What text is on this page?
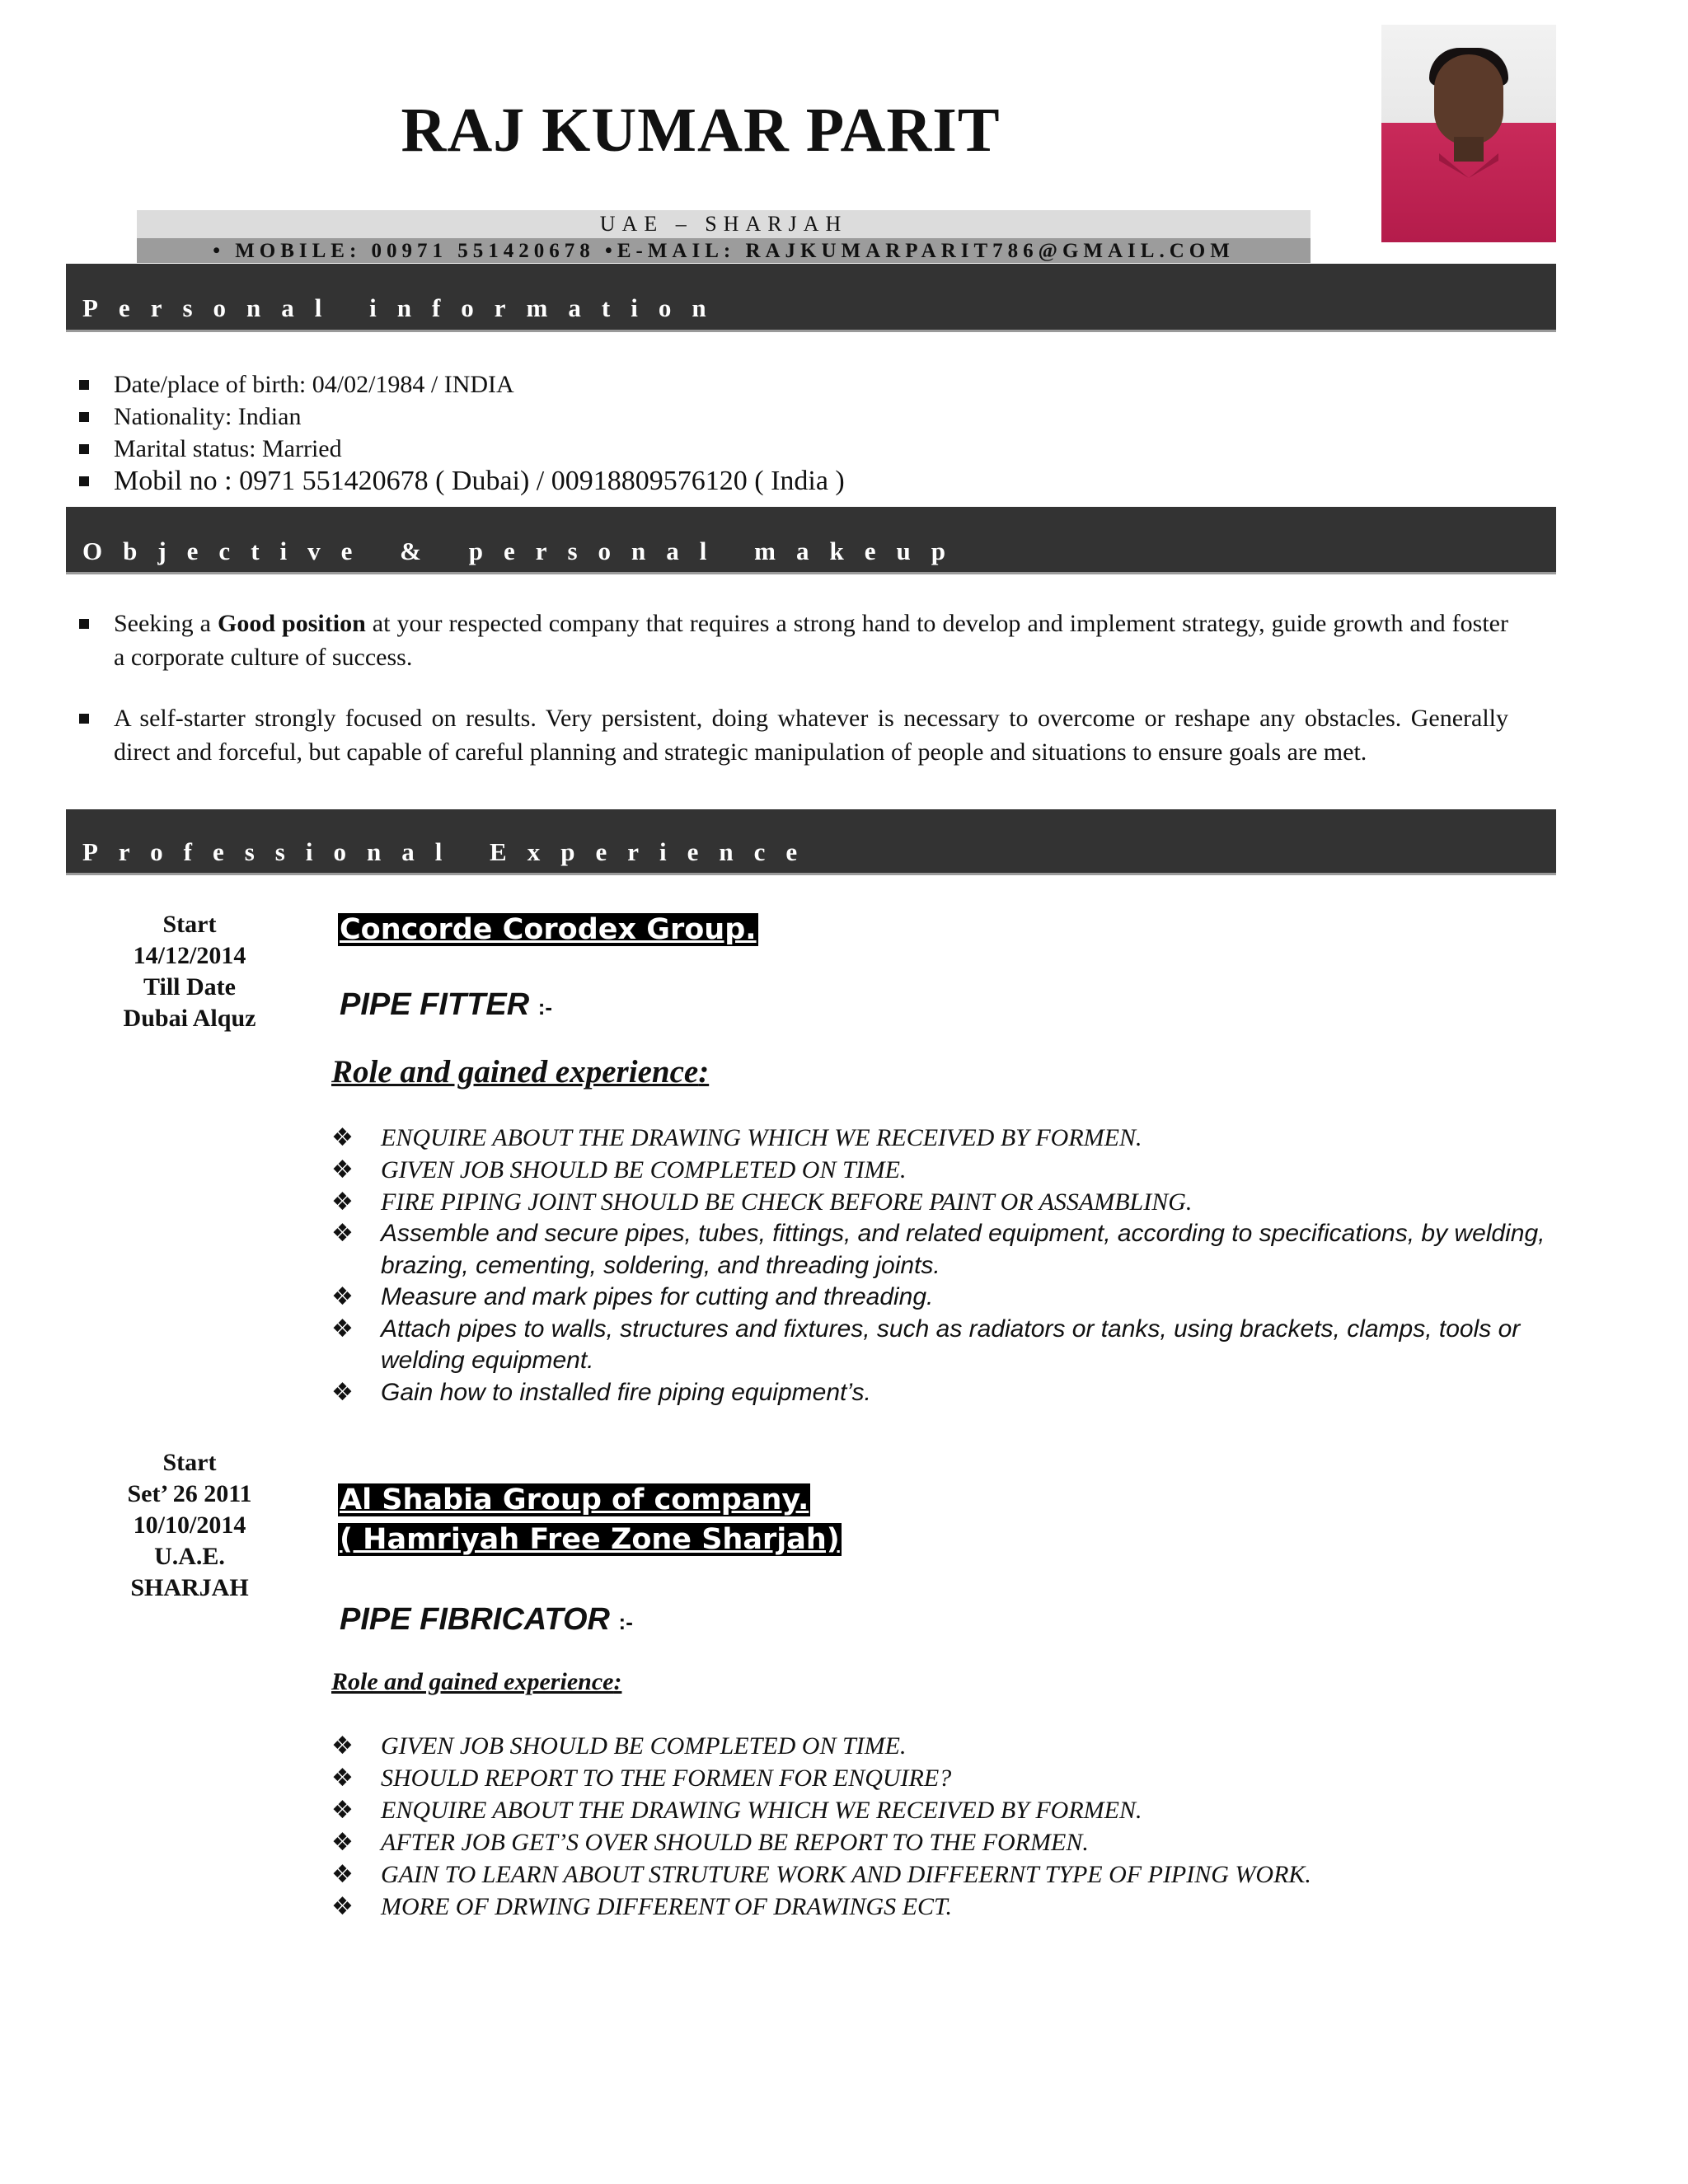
RAJ KUMAR PARIT
UAE – SHARJAH
• MOBILE: 00971 551420678 •E-MAIL: RAJKUMARPARIT786@GMAIL.COM
Personal information
Date/place of birth: 04/02/1984 / INDIA
Nationality: Indian
Marital status: Married
Mobil no : 0971 551420678 ( Dubai) / 00918809576120 ( India )
Objective & personal makeup
Seeking a Good position at your respected company that requires a strong hand to develop and implement strategy, guide growth and foster a corporate culture of success.
A self-starter strongly focused on results. Very persistent, doing whatever is necessary to overcome or reshape any obstacles. Generally direct and forceful, but capable of careful planning and strategic manipulation of people and situations to ensure goals are met.
Professional Experience
Start
14/12/2014
Till Date
Dubai Alquz
Concorde Corodex Group.
PIPE FITTER :-
Role and gained experience:
❖ ENQUIRE ABOUT THE DRAWING WHICH WE RECEIVED BY FORMEN.
❖ GIVEN JOB SHOULD BE COMPLETED ON TIME.
❖ FIRE PIPING JOINT SHOULD BE CHECK BEFORE PAINT OR ASSAMBLING.
❖ Assemble and secure pipes, tubes, fittings, and related equipment, according to specifications, by welding, brazing, cementing, soldering, and threading joints.
❖ Measure and mark pipes for cutting and threading.
❖ Attach pipes to walls, structures and fixtures, such as radiators or tanks, using brackets, clamps, tools or welding equipment.
❖ Gain how to installed fire piping equipment’s.
Start
Set’ 26 2011
10/10/2014
U.A.E. SHARJAH
Al Shabia Group of company.
( Hamriyah Free Zone Sharjah)
PIPE FIBRICATOR :-
Role and gained experience:
❖ GIVEN JOB SHOULD BE COMPLETED ON TIME.
❖ SHOULD REPORT TO THE FORMEN FOR ENQUIRE?
❖ ENQUIRE ABOUT THE DRAWING WHICH WE RECEIVED BY FORMEN.
❖ AFTER JOB GET’S OVER SHOULD BE REPORT TO THE FORMEN.
❖ GAIN TO LEARN ABOUT STRUTURE WORK AND DIFFEERNT TYPE OF PIPING WORK.
❖ MORE OF DRWING DIFFERENT OF DRAWINGS ECT.
